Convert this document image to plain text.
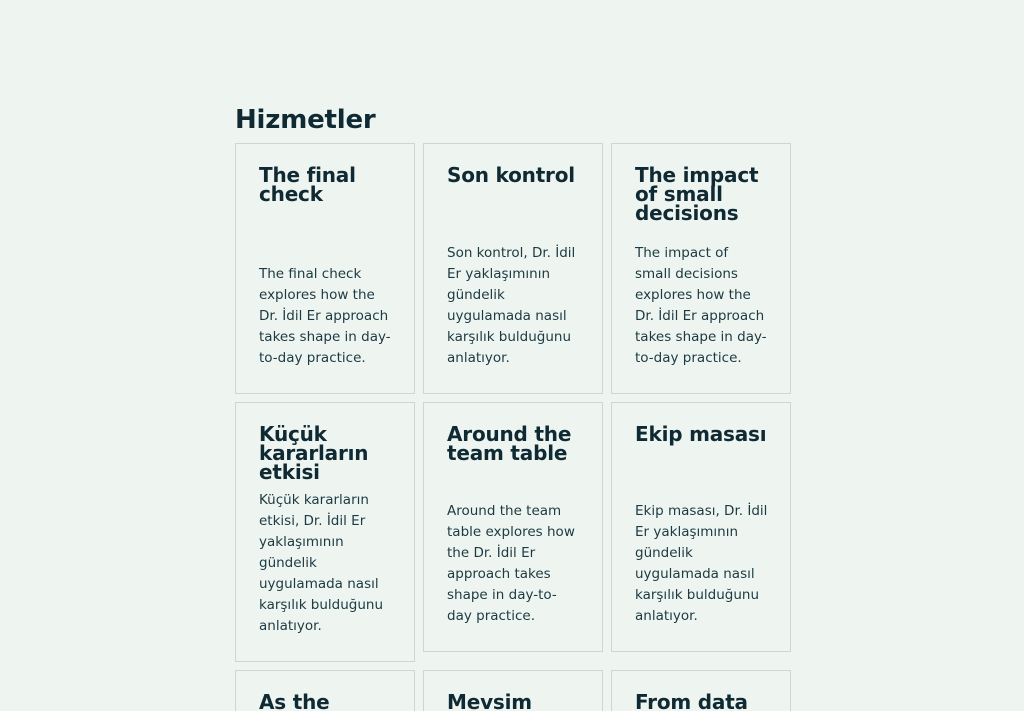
Hizmetler
The final check

The final check explores how the Dr. İdil Er approach takes shape in day-to-day practice.

Son kontrol

Son kontrol, Dr. İdil Er yaklaşımının gündelik uygulamada nasıl karşılık bulduğunu anlatıyor.

The impact of small decisions

The impact of small decisions explores how the Dr. İdil Er approach takes shape in day-to-day practice.

Küçük kararların etkisi

Küçük kararların etkisi, Dr. İdil Er yaklaşımının gündelik uygulamada nasıl karşılık bulduğunu anlatıyor.

Around the team table

Around the team table explores how the Dr. İdil Er approach takes shape in day-to-day practice.

Ekip masası

Ekip masası, Dr. İdil Er yaklaşımının gündelik uygulamada nasıl karşılık bulduğunu anlatıyor.

As the	Mevsim	From data
